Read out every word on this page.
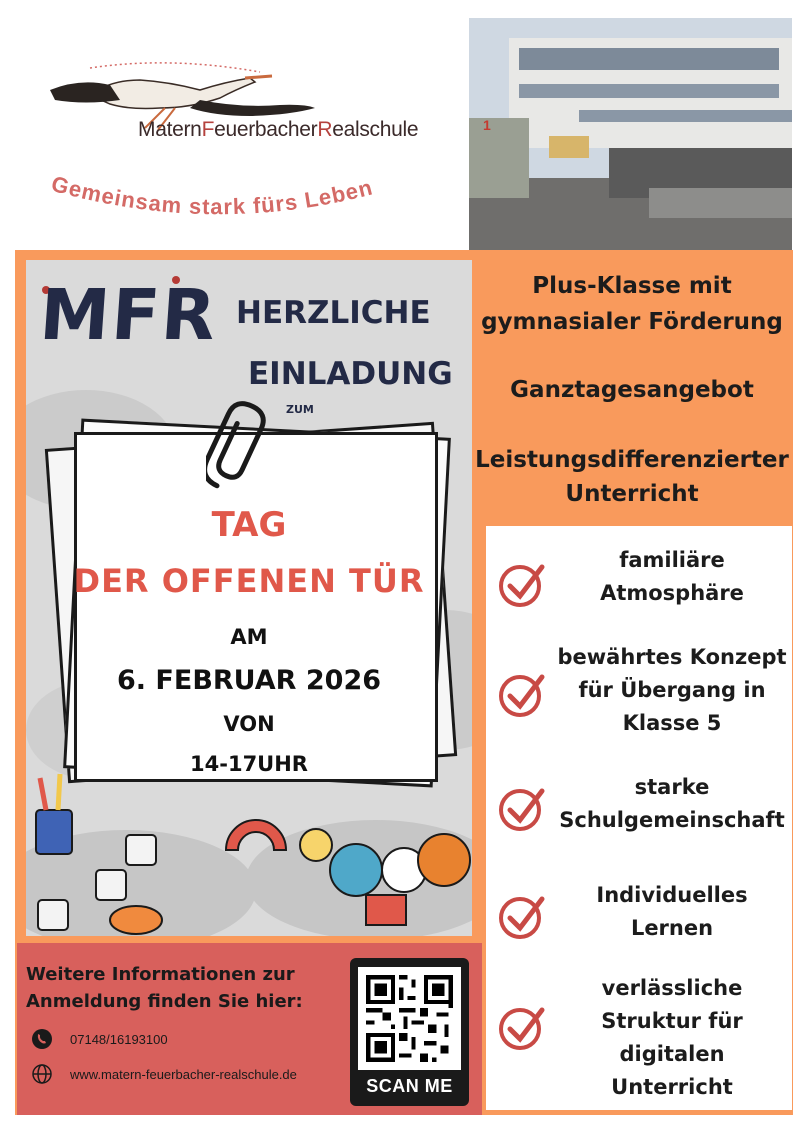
MaternFeuerbacherRealschule
Gemeinsam stark fürs Leben
1
MFR HERZLICHE
EINLADUNG
ZUM
TAG
DER OFFENEN TÜR
AM
6. FEBRUAR 2026
VON
14-17UHR
Plus-Klasse mit
gymnasialer Förderung
Ganztagesangebot
Leistungsdifferenzierter
Unterricht
familiäre
Atmosphäre
bewährtes Konzept
für Übergang in
Klasse 5
starke
Schulgemeinschaft
Individuelles
Lernen
verlässliche
Struktur für
digitalen
Unterricht
Weitere Informationen zur
Anmeldung finden Sie hier:
07148/16193100
www.matern-feuerbacher-realschule.de
SCAN ME
